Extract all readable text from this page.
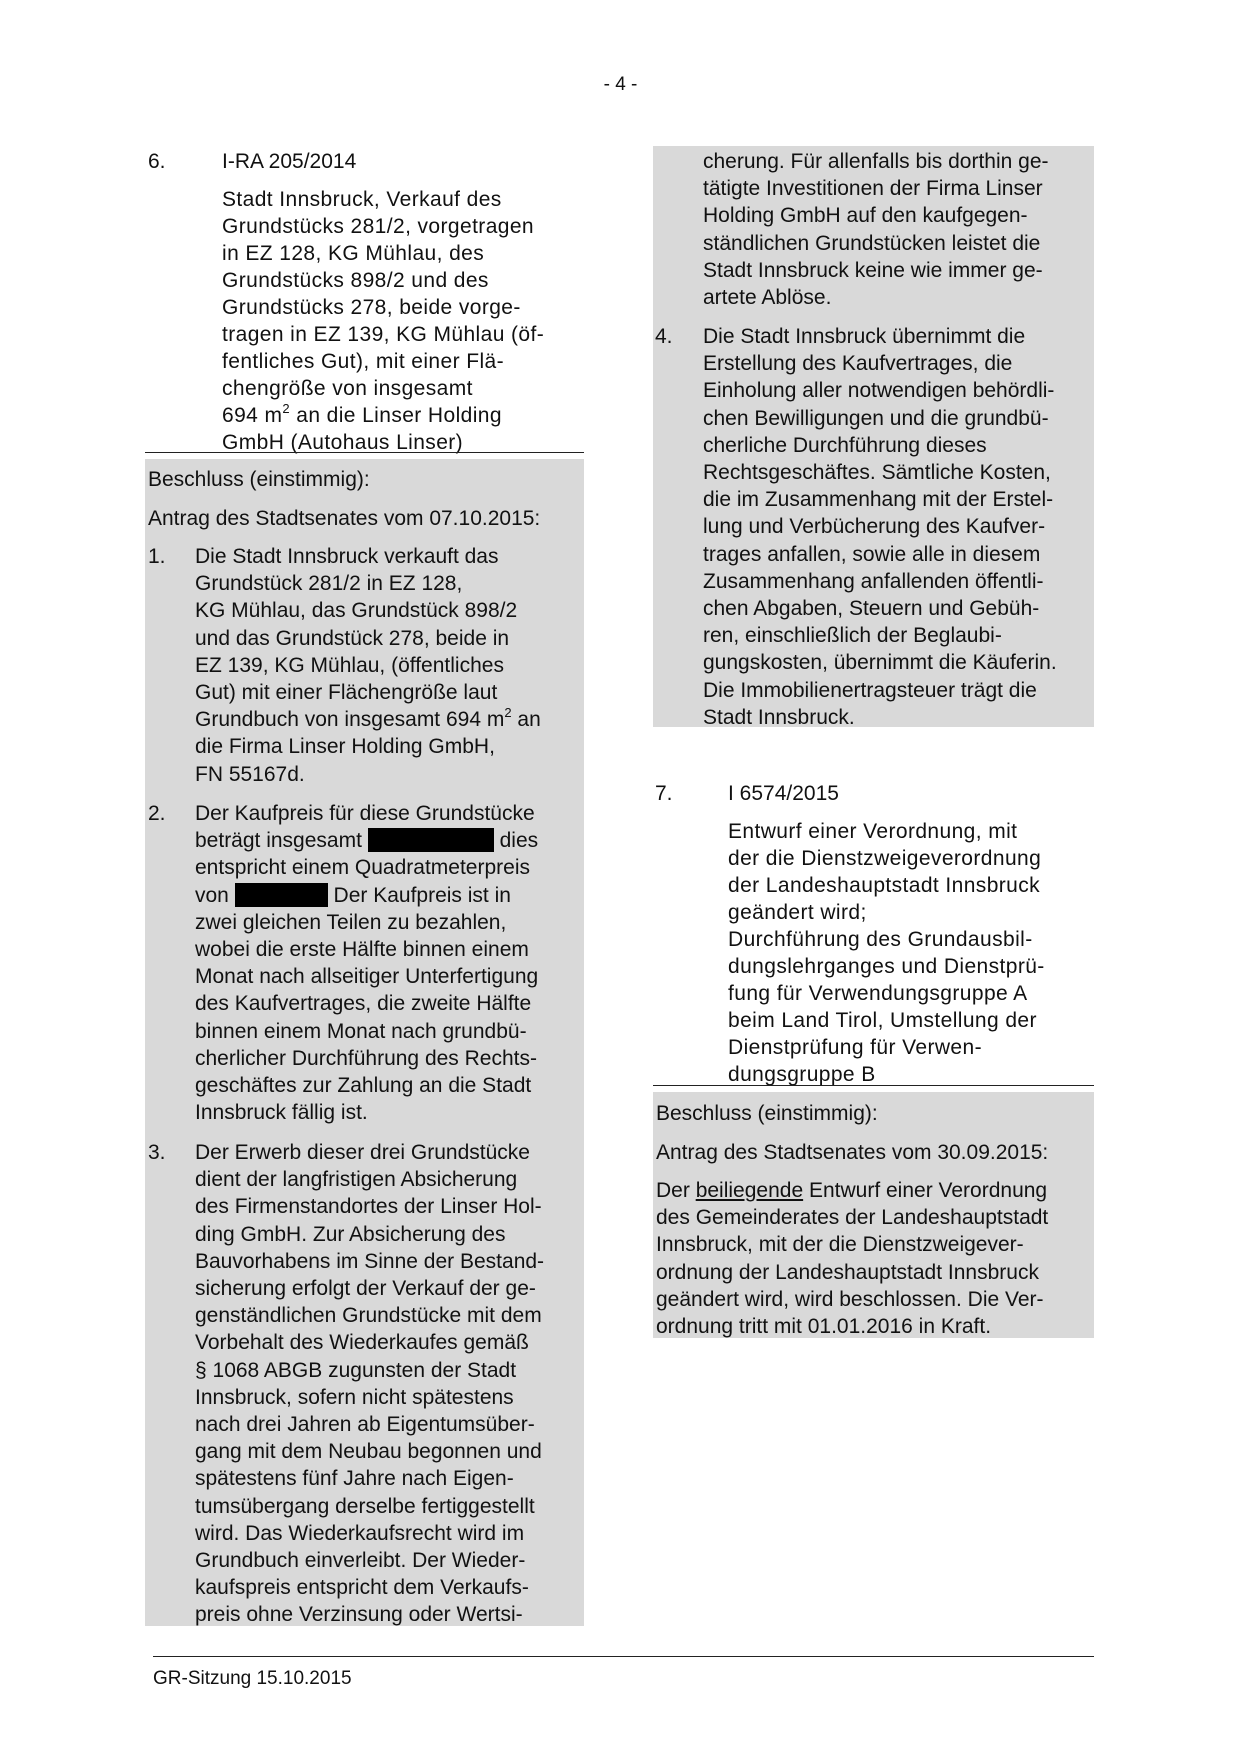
- 4 -
6.	I-RA 205/2014
Stadt Innsbruck, Verkauf des
Grundstücks 281/2, vorgetragen
in EZ 128, KG Mühlau, des
Grundstücks 898/2 und des
Grundstücks 278, beide vorge-
tragen in EZ 139, KG Mühlau (öf-
fentliches Gut), mit einer Flä-
chengröße von insgesamt
694 $m^2$ an die Linser Holding
GmbH (Autohaus Linser)
Beschluss (einstimmig):
Antrag des Stadtsenates vom 07.10.2015:
1. Die Stadt Innsbruck verkauft das
Grundstück 281/2 in EZ 128,
KG Mühlau, das Grundstück 898/2
und das Grundstück 278, beide in
EZ 139, KG Mühlau, (öffentliches
Gut) mit einer Flächengröße laut
Grundbuch von insgesamt 694 $m^2$ an
die Firma Linser Holding GmbH,
FN 55167d.
2. Der Kaufpreis für diese Grundstücke
beträgt insgesamt	dies
entspricht einem Quadratmeterpreis
von	Der Kaufpreis ist in
zwei gleichen Teilen zu bezahlen,
wobei die erste Hälfte binnen einem
Monat nach allseitiger Unterfertigung
des Kaufvertrages, die zweite Hälfte
binnen einem Monat nach grundbü-
cherlicher Durchführung des Rechts-
geschäftes zur Zahlung an die Stadt
Innsbruck fällig ist.
3. Der Erwerb dieser drei Grundstücke
dient der langfristigen Absicherung
des Firmenstandortes der Linser Hol-
ding GmbH. Zur Absicherung des
Bauvorhabens im Sinne der Bestand-
sicherung erfolgt der Verkauf der ge-
genständlichen Grundstücke mit dem
Vorbehalt des Wiederkaufes gemäß
§ 1068 ABGB zugunsten der Stadt
Innsbruck, sofern nicht spätestens
nach drei Jahren ab Eigentumsüber-
gang mit dem Neubau begonnen und
spätestens fünf Jahre nach Eigen-
tumsübergang derselbe fertiggestellt
wird. Das Wiederkaufsrecht wird im
Grundbuch einverleibt. Der Wieder-
kaufspreis entspricht dem Verkaufs-
preis ohne Verzinsung oder Wertsi-
cherung. Für allenfalls bis dorthin ge-
tätigte Investitionen der Firma Linser
Holding GmbH auf den kaufgegen-
ständlichen Grundstücken leistet die
Stadt Innsbruck keine wie immer ge-
artete Ablöse.
4. Die Stadt Innsbruck übernimmt die
Erstellung des Kaufvertrages, die
Einholung aller notwendigen behördli-
chen Bewilligungen und die grundbü-
cherliche Durchführung dieses
Rechtsgeschäftes. Sämtliche Kosten,
die im Zusammenhang mit der Erstel-
lung und Verbücherung des Kaufver-
trages anfallen, sowie alle in diesem
Zusammenhang anfallenden öffentli-
chen Abgaben, Steuern und Gebüh-
ren, einschließlich der Beglaubi-
gungskosten, übernimmt die Käuferin.
Die Immobilienertragsteuer trägt die
Stadt Innsbruck.
7.	I 6574/2015
Entwurf einer Verordnung, mit
der die Dienstzweigeverordnung
der Landeshauptstadt Innsbruck
geändert wird;
Durchführung des Grundausbil-
dungslehrganges und Dienstprü-
fung für Verwendungsgruppe A
beim Land Tirol, Umstellung der
Dienstprüfung für Verwen-
dungsgruppe B
Beschluss (einstimmig):
Antrag des Stadtsenates vom 30.09.2015:
Der beiliegende Entwurf einer Verordnung
des Gemeinderates der Landeshauptstadt
Innsbruck, mit der die Dienstzweigever-
ordnung der Landeshauptstadt Innsbruck
geändert wird, wird beschlossen. Die Ver-
ordnung tritt mit 01.01.2016 in Kraft.
GR-Sitzung 15.10.2015
